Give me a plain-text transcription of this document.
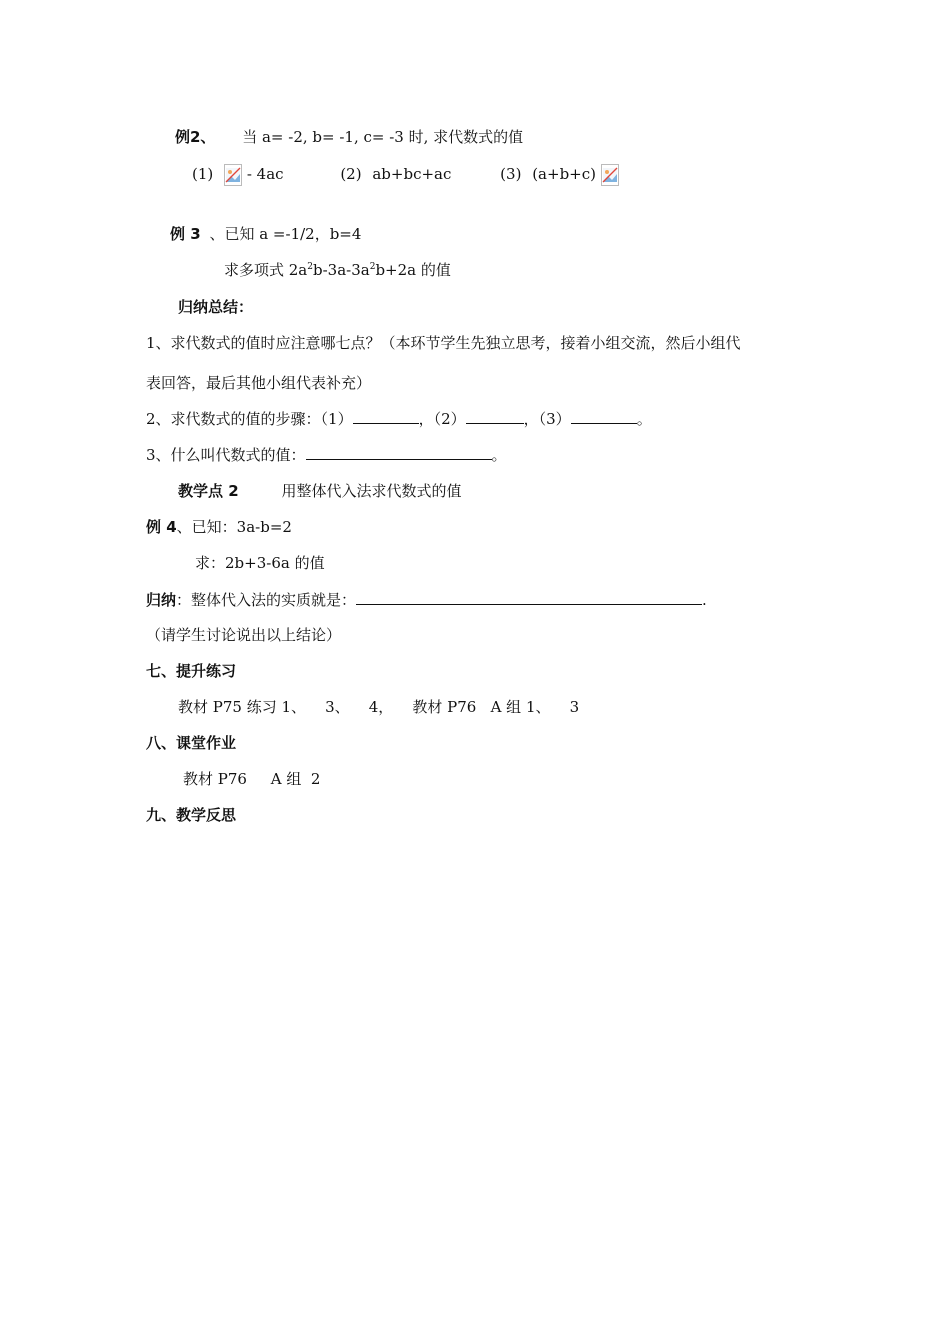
例2、 当 a= -2, b= -1, c= -3 时, 求代数式的值
(1) - 4ac	(2) ab+bc+ac	(3) (a+b+c)
例 3 、已知 a =-1/2，b=4
求多项式 $2a^2b-3a-3a^2b+2a$ 的值
归纳总结：
1、求代数式的值时应注意哪七点？（本环节学生先独立思考，接着小组交流，然后小组代
表回答，最后其他小组代表补充）
2、求代数式的值的步骤：（1）	，（2）	，（3）	。
3、什么叫代数式的值：	。
教学点 2	用整体代入法求代数式的值
例 4、已知：3a-b=2
求：2b+3-6a 的值
归纳：整体代入法的实质就是：	.
（请学生讨论说出以上结论）
七、提升练习
教材 P75 练习 1、    3、    4，    教材 P76   A 组 1、    3
八、课堂作业
教材 P76     A 组  2
九、教学反思
